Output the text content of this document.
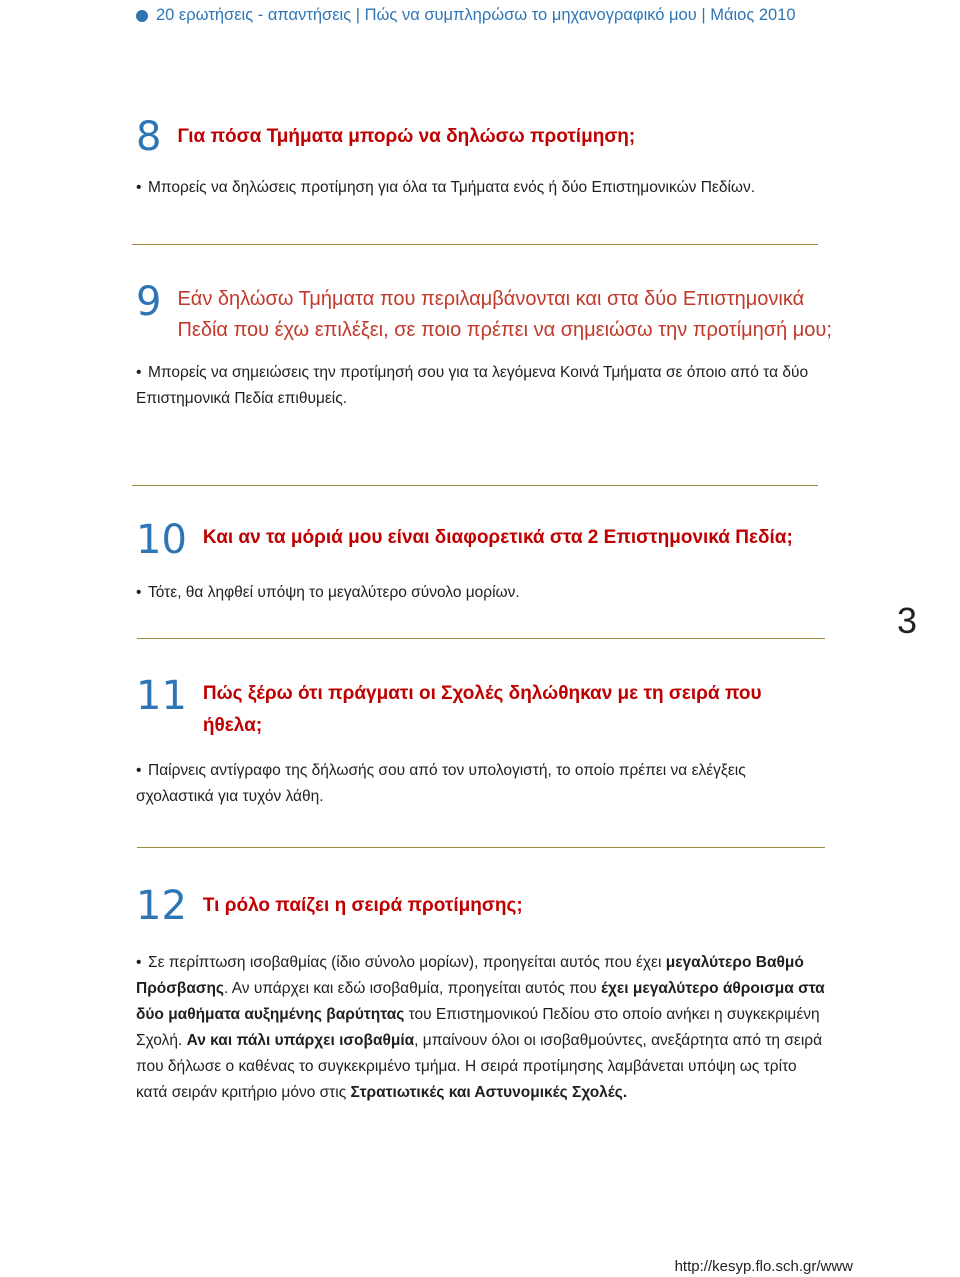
20 ερωτήσεις - απαντήσεις | Πώς να συμπληρώσω το μηχανογραφικό μου | Μάιος 2010
8 Για πόσα Τμήματα μπορώ να δηλώσω προτίμηση;
• Μπορείς να δηλώσεις προτίμηση για όλα τα Τμήματα ενός ή δύο Επιστημονικών Πεδίων.
9 Εάν δηλώσω Τμήματα που περιλαμβάνονται και στα δύο Επιστημονικά Πεδία που έχω επιλέξει, σε ποιο πρέπει να σημειώσω την προτίμησή μου;
• Μπορείς να σημειώσεις την προτίμησή σου για τα λεγόμενα Κοινά Τμήματα σε όποιο από τα δύο Επιστημονικά Πεδία επιθυμείς.
10 Και αν τα μόριά μου είναι διαφορετικά στα 2 Επιστημονικά Πεδία;
• Τότε, θα ληφθεί υπόψη το μεγαλύτερο σύνολο μορίων.
3
11 Πώς ξέρω ότι πράγματι οι Σχολές δηλώθηκαν με τη σειρά που ήθελα;
• Παίρνεις αντίγραφο της δήλωσής σου από τον υπολογιστή, το οποίο πρέπει να ελέγξεις σχολαστικά για τυχόν λάθη.
12 Τι ρόλο παίζει η σειρά προτίμησης;
• Σε περίπτωση ισοβαθμίας (ίδιο σύνολο μορίων), προηγείται αυτός που έχει μεγαλύτερο Βαθμό Πρόσβασης. Αν υπάρχει και εδώ ισοβαθμία, προηγείται αυτός που έχει μεγαλύτερο άθροισμα στα δύο μαθήματα αυξημένης βαρύτητας του Επιστημονικού Πεδίου στο οποίο ανήκει η συγκεκριμένη Σχολή. Αν και πάλι υπάρχει ισοβαθμία, μπαίνουν όλοι οι ισοβαθμούντες, ανεξάρτητα από τη σειρά που δήλωσε ο καθένας το συγκεκριμένο τμήμα. Η σειρά προτίμησης λαμβάνεται υπόψη ως τρίτο κατά σειράν κριτήριο μόνο στις Στρατιωτικές και Αστυνομικές Σχολές.
http://kesyp.flo.sch.gr/www
